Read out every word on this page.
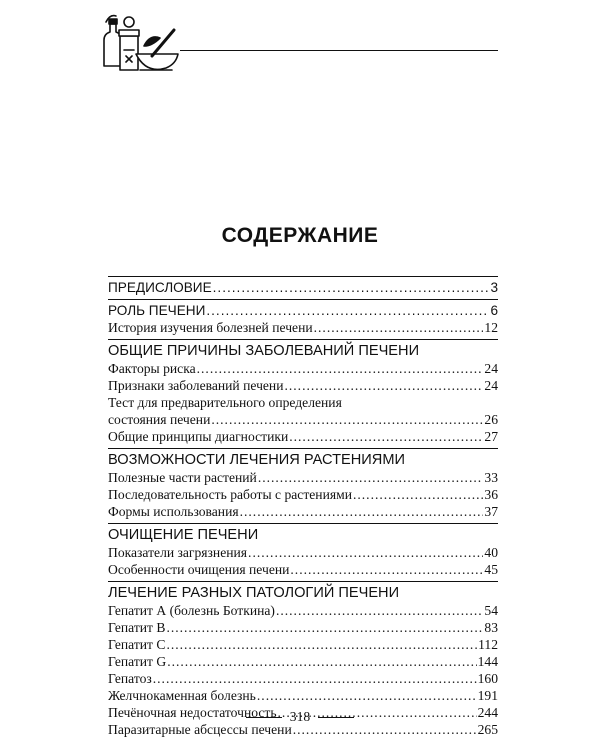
СОДЕРЖАНИЕ
ПРЕДИСЛОВИЕ .....	3
РОЛЬ ПЕЧЕНИ .....	6
История изучения болезней печени .....	12
ОБЩИЕ ПРИЧИНЫ ЗАБОЛЕВАНИЙ ПЕЧЕНИ
Факторы риска .....	24
Признаки заболеваний печени .....	24
Тест для предварительного определения
состояния печени .....	26
Общие принципы диагностики .....	27
ВОЗМОЖНОСТИ ЛЕЧЕНИЯ РАСТЕНИЯМИ
Полезные части растений .....	33
Последовательность работы с растениями .....	36
Формы использования .....	37
ОЧИЩЕНИЕ ПЕЧЕНИ
Показатели загрязнения .....	40
Особенности очищения печени .....	45
ЛЕЧЕНИЕ РАЗНЫХ ПАТОЛОГИЙ ПЕЧЕНИ
Гепатит А (болезнь Боткина) .....	54
Гепатит В .....	83
Гепатит С .....	112
Гепатит G .....	144
Гепатоз .....	160
Желчнокаменная болезнь .....	191
Печёночная недостаточность .....	244
Паразитарные абсцессы печени .....	265
318
